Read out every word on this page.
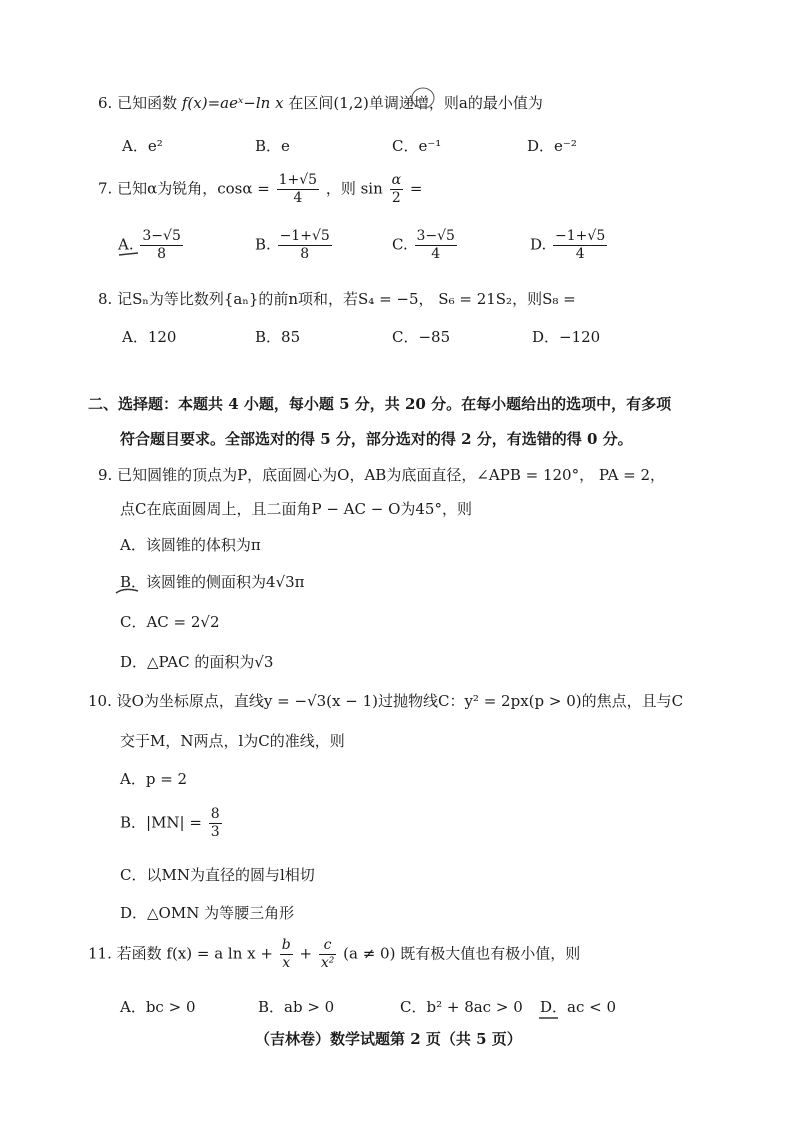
6. 已知函数 f(x)=aeˣ−ln x 在区间(1,2)单调递增，则a的最小值为
A．e²	B．e	C．e⁻¹	D．e⁻²
7. 已知α为锐角，$\cos\alpha = \frac{1+√5}{4}$ ，则 $\sin \frac{\alpha}{2}$ =
A. $\frac{3-√5}{8}$	B. $\frac{-1+√5}{8}$	C. $\frac{3-√5}{4}$	D. $\frac{-1+√5}{4}$
8. 记Sₙ为等比数列{aₙ}的前n项和，若S₄ = −5， S₆ = 21S₂，则S₈ =
A．120	B．85	C．−85	D．−120
二、选择题：本题共 4 小题，每小题 5 分，共 20 分。在每小题给出的选项中，有多项
符合题目要求。全部选对的得 5 分，部分选对的得 2 分，有选错的得 0 分。
9. 已知圆锥的顶点为P，底面圆心为O，AB为底面直径，∠APB = 120°， PA = 2，
点C在底面圆周上，且二面角P − AC − O为45°，则
A．该圆锥的体积为π
B．该圆锥的侧面积为4√3π
C．AC = 2√2
D．△PAC 的面积为√3
10. 设O为坐标原点，直线y = −√3(x − 1)过抛物线C：y² = 2px(p > 0)的焦点，且与C
交于M，N两点，l为C的准线，则
A．p = 2
B．$|MN| = \frac{8}{3}$
C．以MN为直径的圆与l相切
D．△OMN 为等腰三角形
11. 若函数 f(x) = a $\ln x + \frac{b}{x} + \frac{c}{\text{x²}} (a \ne 0)$ 既有极大值也有极小值，则
A．bc > 0	B．ab > 0	C．b² + 8ac > 0 D．ac < 0
（吉林卷）数学试题第 2 页（共 5 页）
